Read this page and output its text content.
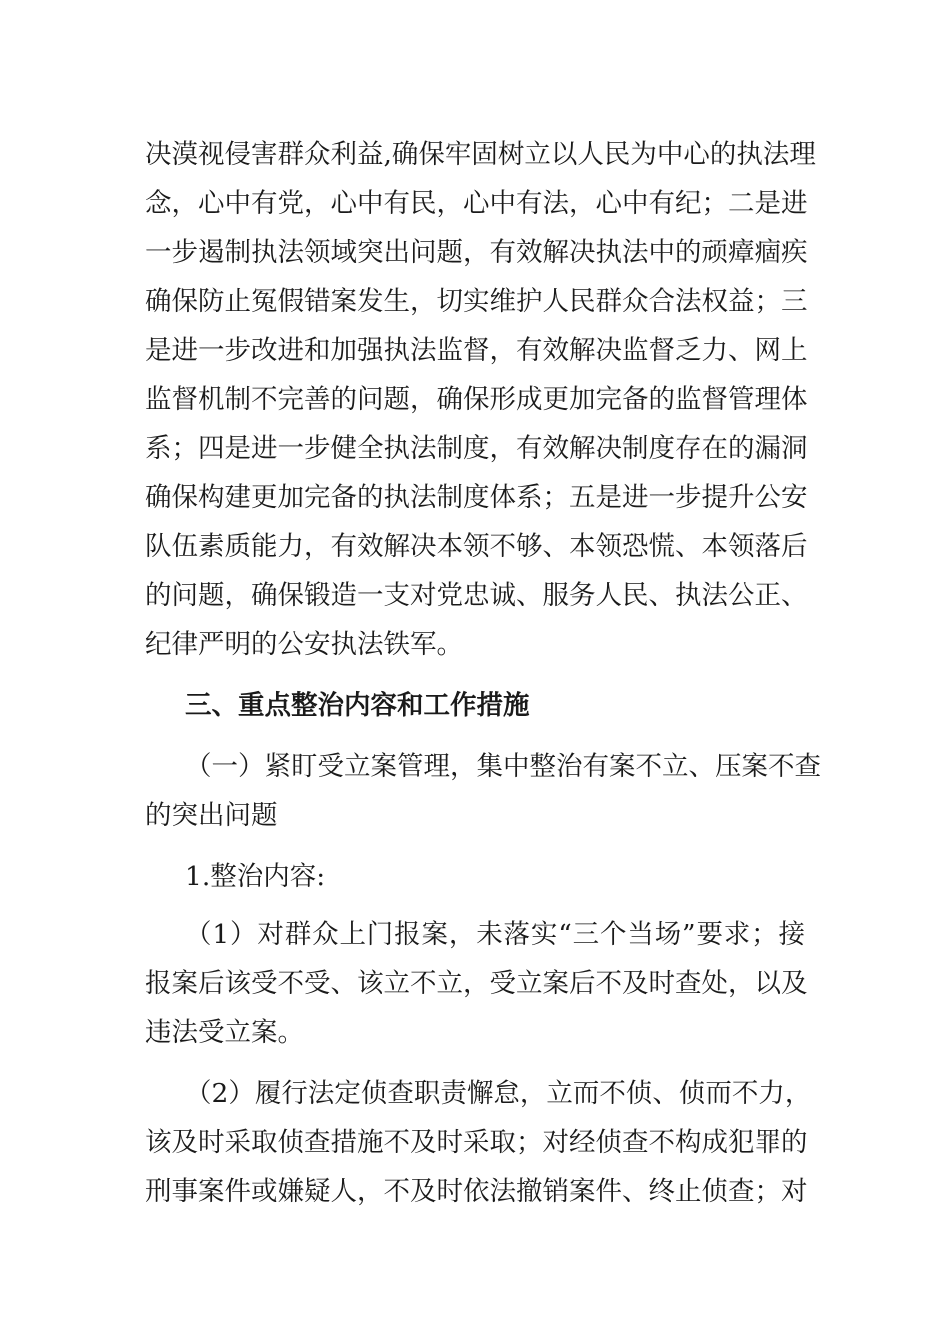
决漠视侵害群众利益,确保牢固树立以人民为中心的执法理
念，心中有党，心中有民，心中有法，心中有纪；二是进
一步遏制执法领域突出问题，有效解决执法中的顽瘴痼疾
确保防止冤假错案发生，切实维护人民群众合法权益；三
是进一步改进和加强执法监督，有效解决监督乏力、网上
监督机制不完善的问题，确保形成更加完备的监督管理体
系；四是进一步健全执法制度，有效解决制度存在的漏洞
确保构建更加完备的执法制度体系；五是进一步提升公安
队伍素质能力，有效解决本领不够、本领恐慌、本领落后
的问题，确保锻造一支对党忠诚、服务人民、执法公正、
纪律严明的公安执法铁军。
三、重点整治内容和工作措施
（一）紧盯受立案管理，集中整治有案不立、压案不查
的突出问题
1.整治内容:
（1）对群众上门报案，未落实“三个当场”要求；接
报案后该受不受、该立不立，受立案后不及时查处，以及
违法受立案。
（2）履行法定侦查职责懈怠，立而不侦、侦而不力，
该及时采取侦查措施不及时采取；对经侦查不构成犯罪的
刑事案件或嫌疑人，不及时依法撤销案件、终止侦查；对
